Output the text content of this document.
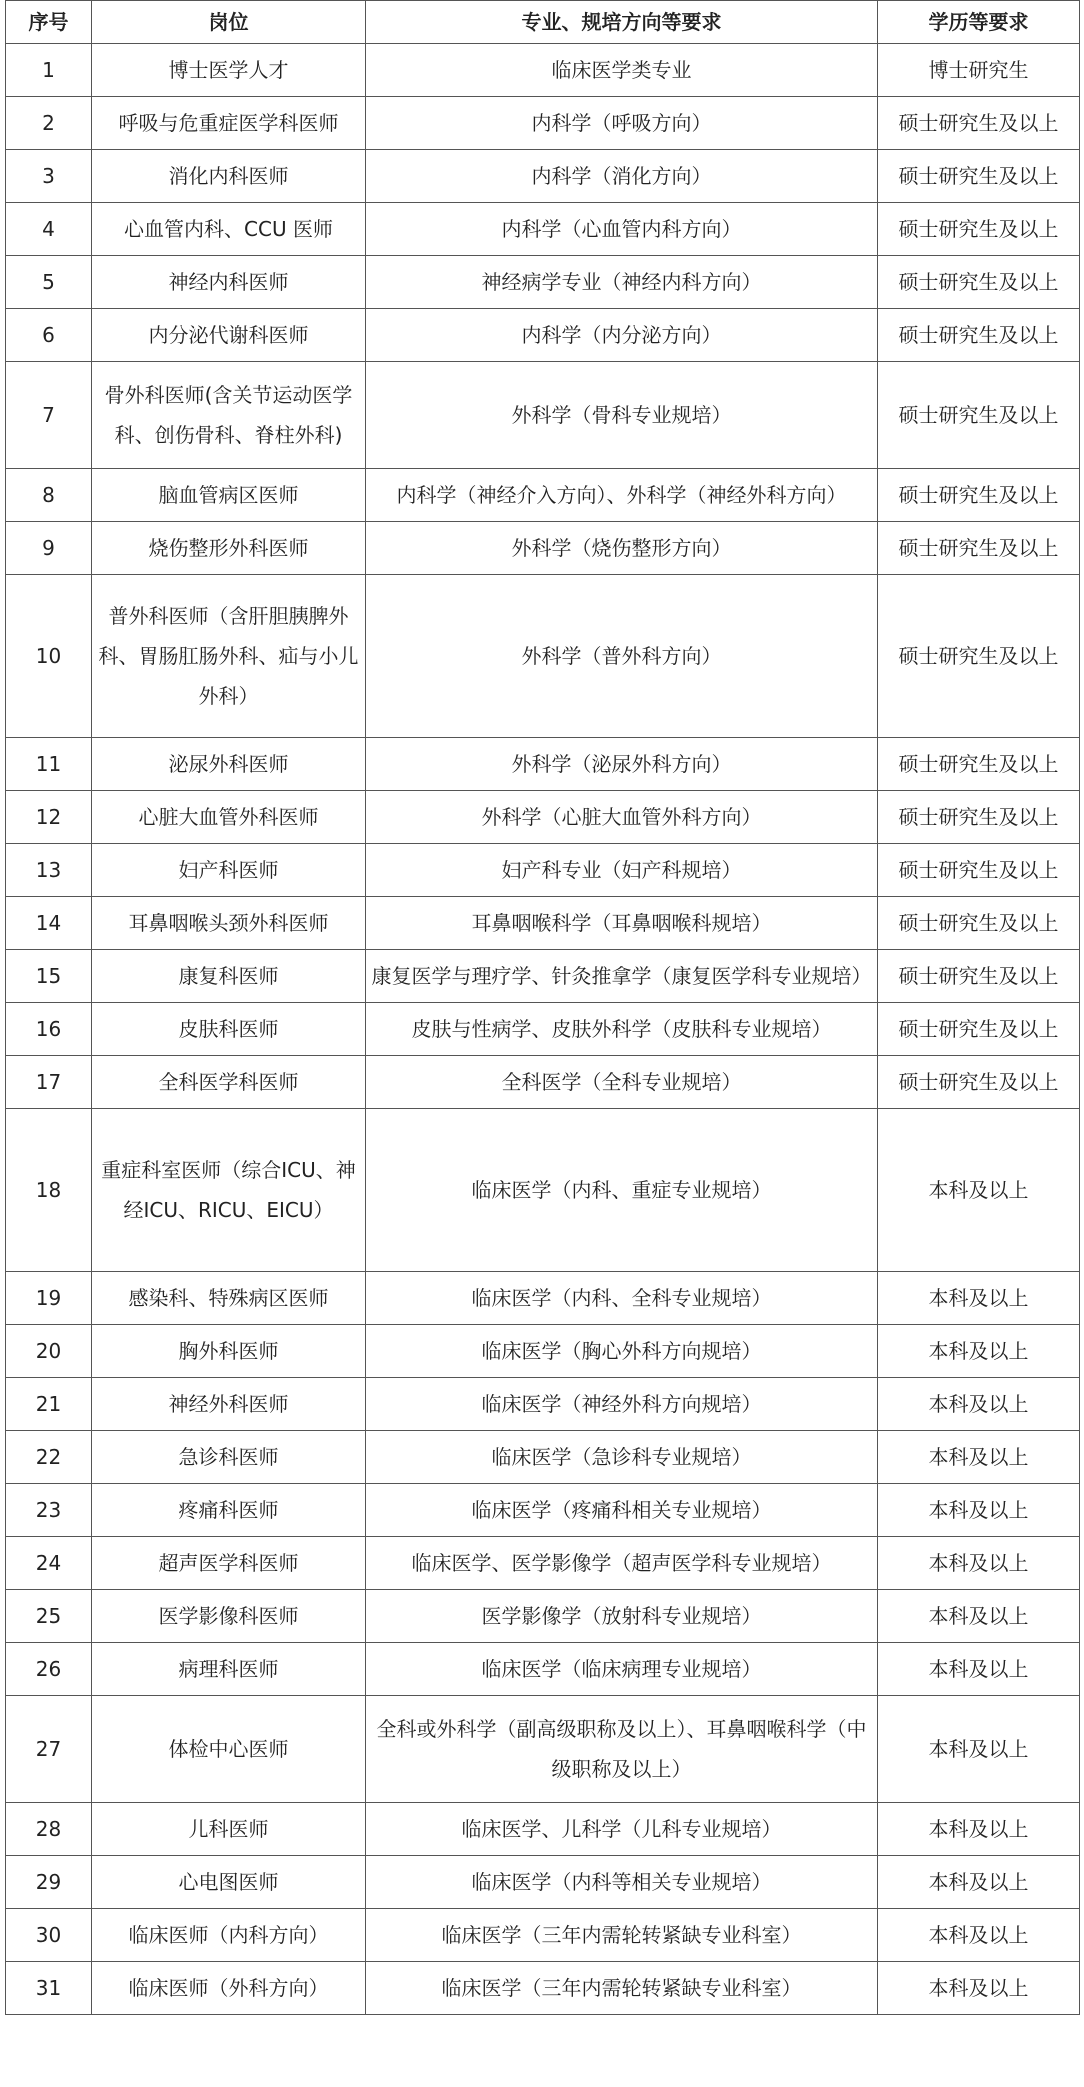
序号	岗位	专业、规培方向等要求	学历等要求
1	博士医学人才	临床医学类专业	博士研究生
2	呼吸与危重症医学科医师	内科学（呼吸方向）	硕士研究生及以上
3	消化内科医师	内科学（消化方向）	硕士研究生及以上
4	心血管内科、CCU 医师	内科学（心血管内科方向）	硕士研究生及以上
5	神经内科医师	神经病学专业（神经内科方向）	硕士研究生及以上
6	内分泌代谢科医师	内科学（内分泌方向）	硕士研究生及以上
7	骨外科医师(含关节运动医学科、创伤骨科、脊柱外科)	外科学（骨科专业规培）	硕士研究生及以上
8	脑血管病区医师	内科学（神经介入方向）、外科学（神经外科方向）	硕士研究生及以上
9	烧伤整形外科医师	外科学（烧伤整形方向）	硕士研究生及以上
10	普外科医师（含肝胆胰脾外科、胃肠肛肠外科、疝与小儿外科）	外科学（普外科方向）	硕士研究生及以上
11	泌尿外科医师	外科学（泌尿外科方向）	硕士研究生及以上
12	心脏大血管外科医师	外科学（心脏大血管外科方向）	硕士研究生及以上
13	妇产科医师	妇产科专业（妇产科规培）	硕士研究生及以上
14	耳鼻咽喉头颈外科医师	耳鼻咽喉科学（耳鼻咽喉科规培）	硕士研究生及以上
15	康复科医师	康复医学与理疗学、针灸推拿学（康复医学科专业规培）	硕士研究生及以上
16	皮肤科医师	皮肤与性病学、皮肤外科学（皮肤科专业规培）	硕士研究生及以上
17	全科医学科医师	全科医学（全科专业规培）	硕士研究生及以上
18	重症科室医师（综合ICU、神经ICU、RICU、EICU）	临床医学（内科、重症专业规培）	本科及以上
19	感染科、特殊病区医师	临床医学（内科、全科专业规培）	本科及以上
20	胸外科医师	临床医学（胸心外科方向规培）	本科及以上
21	神经外科医师	临床医学（神经外科方向规培）	本科及以上
22	急诊科医师	临床医学（急诊科专业规培）	本科及以上
23	疼痛科医师	临床医学（疼痛科相关专业规培）	本科及以上
24	超声医学科医师	临床医学、医学影像学（超声医学科专业规培）	本科及以上
25	医学影像科医师	医学影像学（放射科专业规培）	本科及以上
26	病理科医师	临床医学（临床病理专业规培）	本科及以上
27	体检中心医师	全科或外科学（副高级职称及以上）、耳鼻咽喉科学（中级职称及以上）	本科及以上
28	儿科医师	临床医学、儿科学（儿科专业规培）	本科及以上
29	心电图医师	临床医学（内科等相关专业规培）	本科及以上
30	临床医师（内科方向）	临床医学（三年内需轮转紧缺专业科室）	本科及以上
31	临床医师（外科方向）	临床医学（三年内需轮转紧缺专业科室）	本科及以上
